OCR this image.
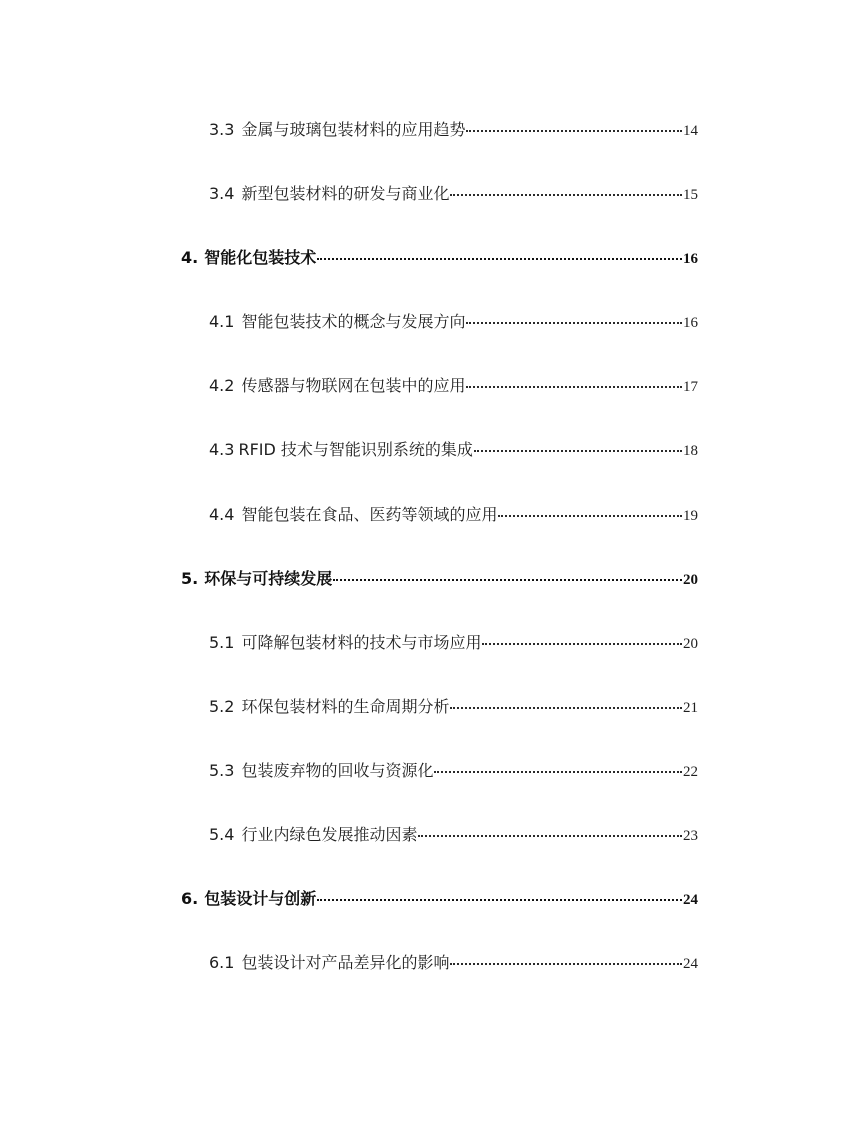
3.3 金属与玻璃包装材料的应用趋势	14
3.4 新型包装材料的研发与商业化	15
4. 智能化包装技术	16
4.1 智能包装技术的概念与发展方向	16
4.2 传感器与物联网在包装中的应用	17
4.3 RFID 技术与智能识别系统的集成	18
4.4 智能包装在食品、医药等领域的应用	19
5. 环保与可持续发展	20
5.1 可降解包装材料的技术与市场应用	20
5.2 环保包装材料的生命周期分析	21
5.3 包装废弃物的回收与资源化	22
5.4 行业内绿色发展推动因素	23
6. 包装设计与创新	24
6.1 包装设计对产品差异化的影响	24
